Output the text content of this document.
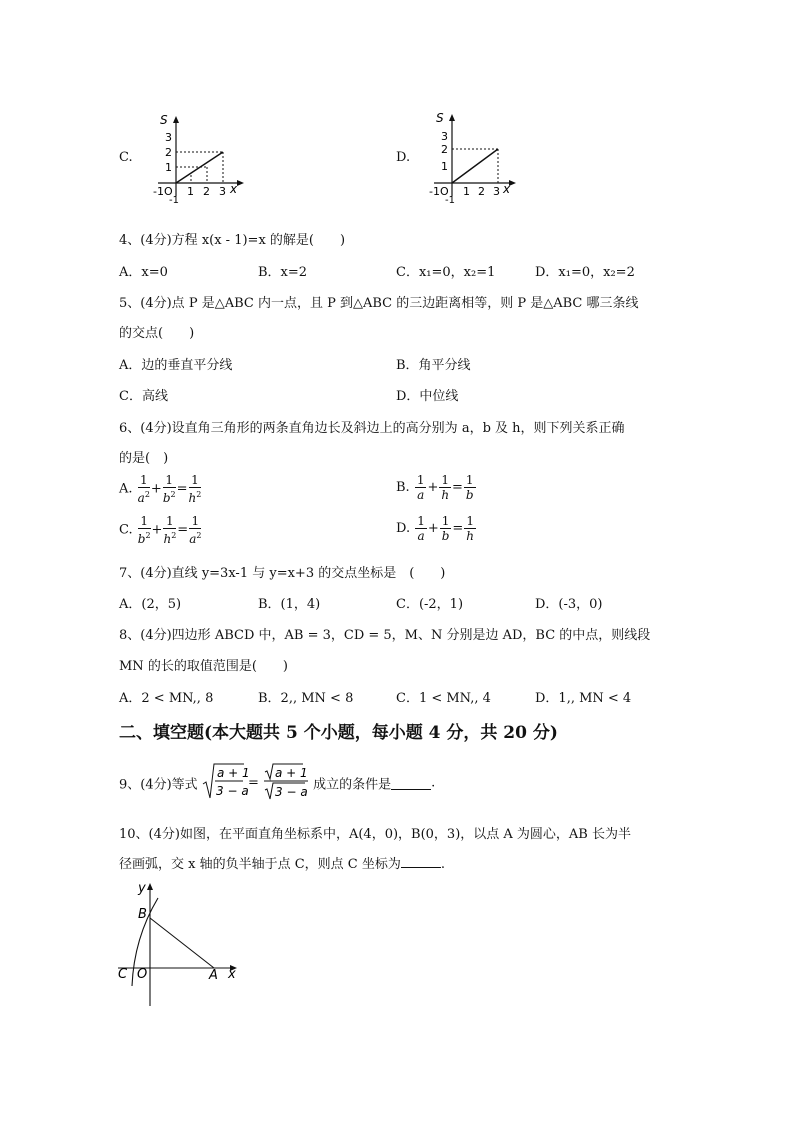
C.
S
3
2
1
-1O
-1
1 2 3 x
D.
S
3
2
1
-1O
-1
1 2 3 x
4、(4分)方程 x(x - 1)=x 的解是(　　)
A．x=0	B．x=2	C．x₁=0，x₂=1	D．x₁=0，x₂=2
5、(4分)点 P 是△ABC 内一点，且 P 到△ABC 的三边距离相等，则 P 是△ABC 哪三条线
的交点(　　)
A．边的垂直平分线	B．角平分线
C．高线	D．中位线
6、(4分)设直角三角形的两条直角边长及斜边上的高分别为 a，b 及 h，则下列关系正确
的是(　)
A. $\frac{1}{a^2} + \frac{1}{b^2} = \frac{1}{h^2}$	B. $\frac{1}{a} + \frac{1}{h} = \frac{1}{b}$
C. $\frac{1}{b^2} + \frac{1}{h^2} = \frac{1}{a^2}$	D. $\frac{1}{a} + \frac{1}{b} = \frac{1}{h}$
7、(4分)直线 y=3x-1 与 y=x+3 的交点坐标是　(　　)
A．(2，5)	B．(1，4)	C．(-2，1)	D．(-3，0)
8、(4分)四边形 ABCD 中，AB = 3，CD = 5，M、N 分别是边 AD，BC 的中点，则线段
MN 的长的取值范围是(　　)
A．2 < MN,, 8	B．2,, MN < 8	C．1 < MN,, 4	D．1,, MN < 4
二、填空题(本大题共 5 个小题，每小题 4 分，共 20 分)
9、(4分)等式
a + 1
3 − a
=
a + 1
3 − a 成立的条件是	.
10、(4分)如图，在平面直角坐标系中，A(4，0)，B(0，3)，以点 A 为圆心，AB 长为半
径画弧，交 x 轴的负半轴于点 C，则点 C 坐标为	.
y
B
C O	A x
